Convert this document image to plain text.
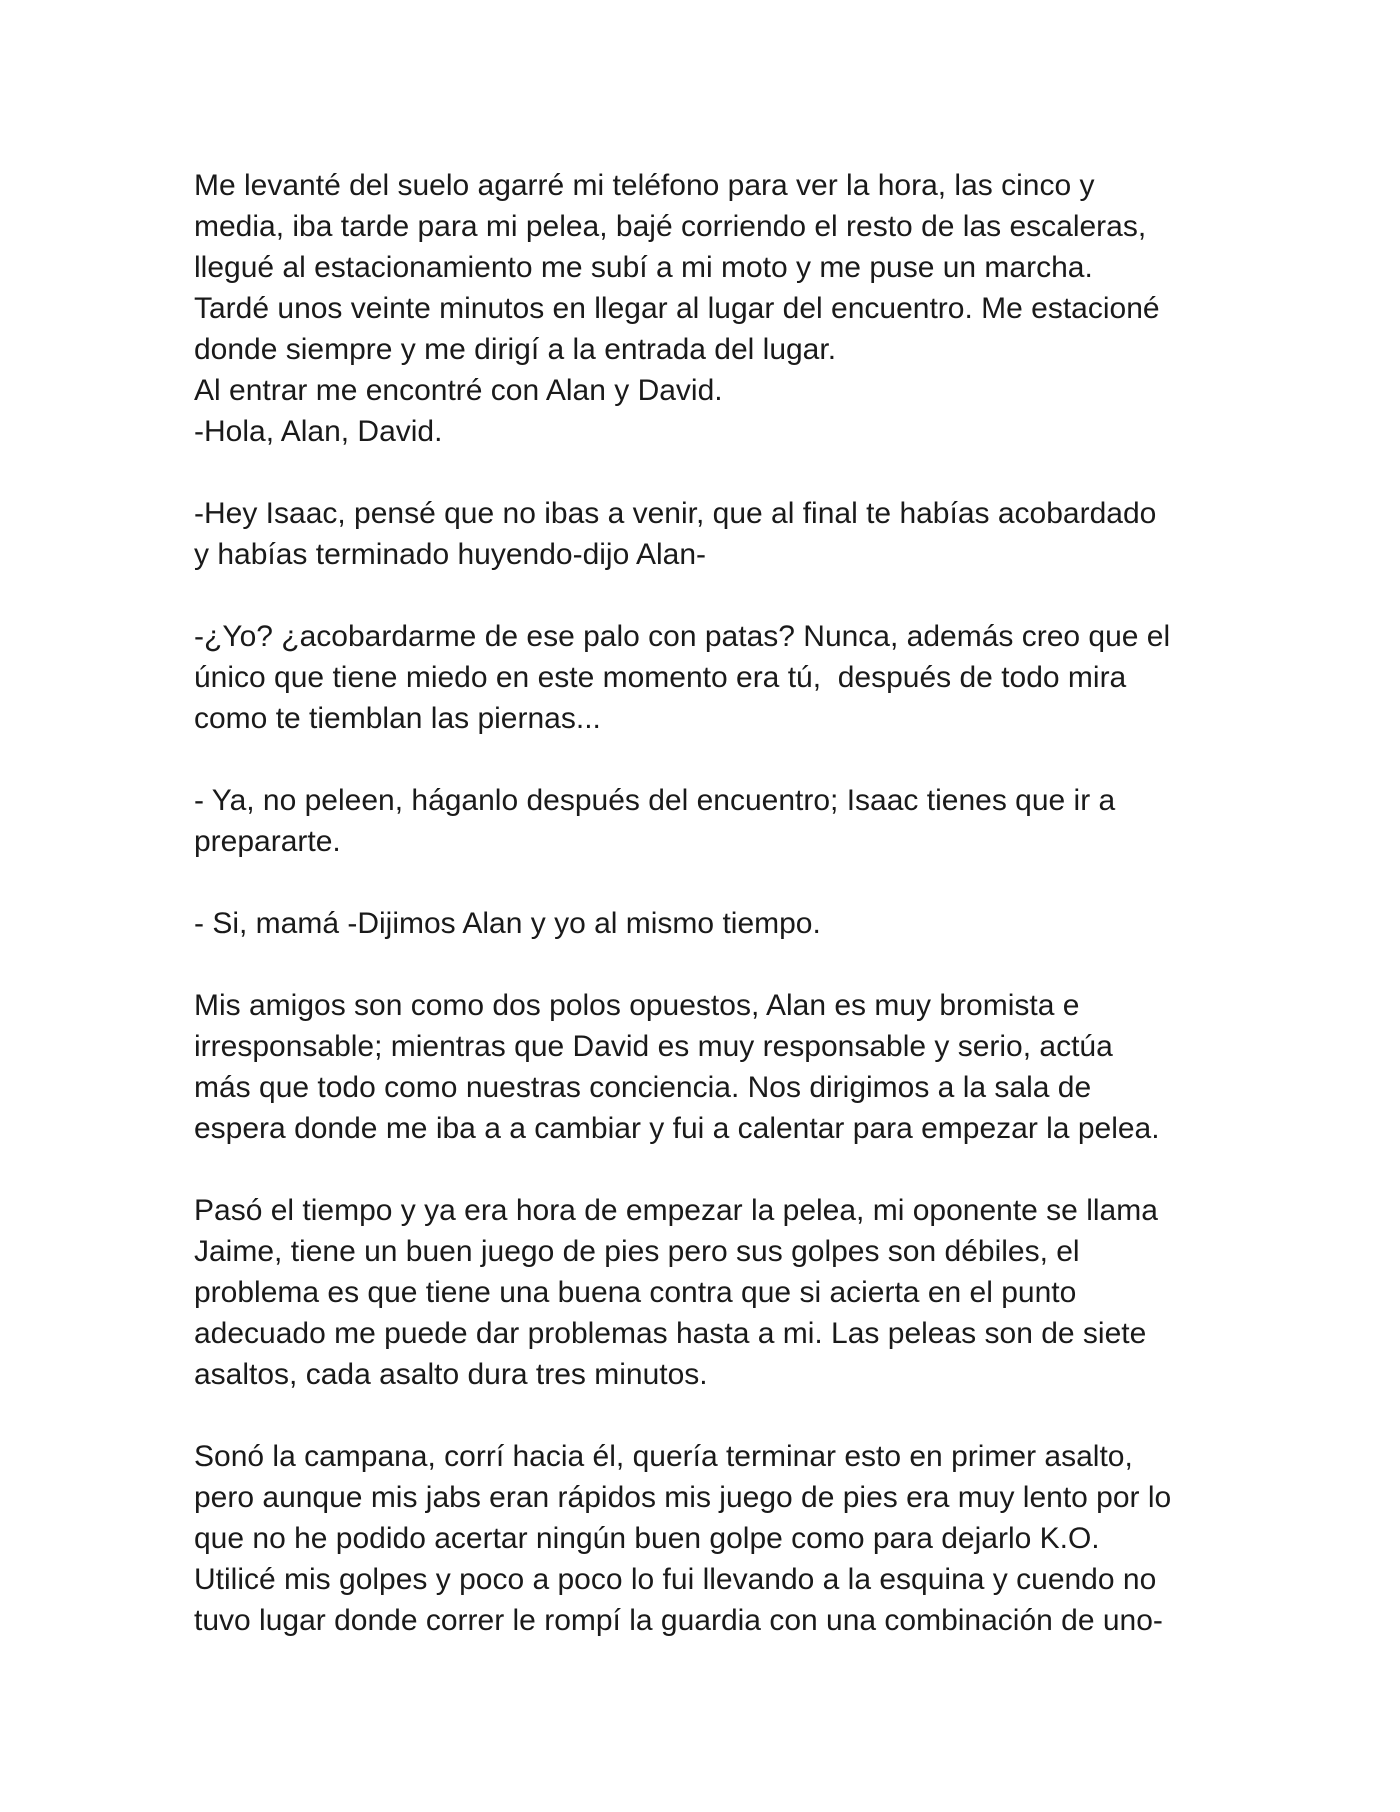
Me levanté del suelo agarré mi teléfono para ver la hora, las cinco y
media, iba tarde para mi pelea, bajé corriendo el resto de las escaleras,
llegué al estacionamiento me subí a mi moto y me puse un marcha.
Tardé unos veinte minutos en llegar al lugar del encuentro. Me estacioné
donde siempre y me dirigí a la entrada del lugar.
Al entrar me encontré con Alan y David.
-Hola, Alan, David.
-Hey Isaac, pensé que no ibas a venir, que al final te habías acobardado
y habías terminado huyendo-dijo Alan-
-¿Yo? ¿acobardarme de ese palo con patas? Nunca, además creo que el
único que tiene miedo en este momento era tú,  después de todo mira
como te tiemblan las piernas...
- Ya, no peleen, háganlo después del encuentro; Isaac tienes que ir a
prepararte.
- Si, mamá -Dijimos Alan y yo al mismo tiempo.
Mis amigos son como dos polos opuestos, Alan es muy bromista e
irresponsable; mientras que David es muy responsable y serio, actúa
más que todo como nuestras conciencia. Nos dirigimos a la sala de
espera donde me iba a a cambiar y fui a calentar para empezar la pelea.
Pasó el tiempo y ya era hora de empezar la pelea, mi oponente se llama
Jaime, tiene un buen juego de pies pero sus golpes son débiles, el
problema es que tiene una buena contra que si acierta en el punto
adecuado me puede dar problemas hasta a mi. Las peleas son de siete
asaltos, cada asalto dura tres minutos.
Sonó la campana, corrí hacia él, quería terminar esto en primer asalto,
pero aunque mis jabs eran rápidos mis juego de pies era muy lento por lo
que no he podido acertar ningún buen golpe como para dejarlo K.O.
Utilicé mis golpes y poco a poco lo fui llevando a la esquina y cuendo no
tuvo lugar donde correr le rompí la guardia con una combinación de uno-
